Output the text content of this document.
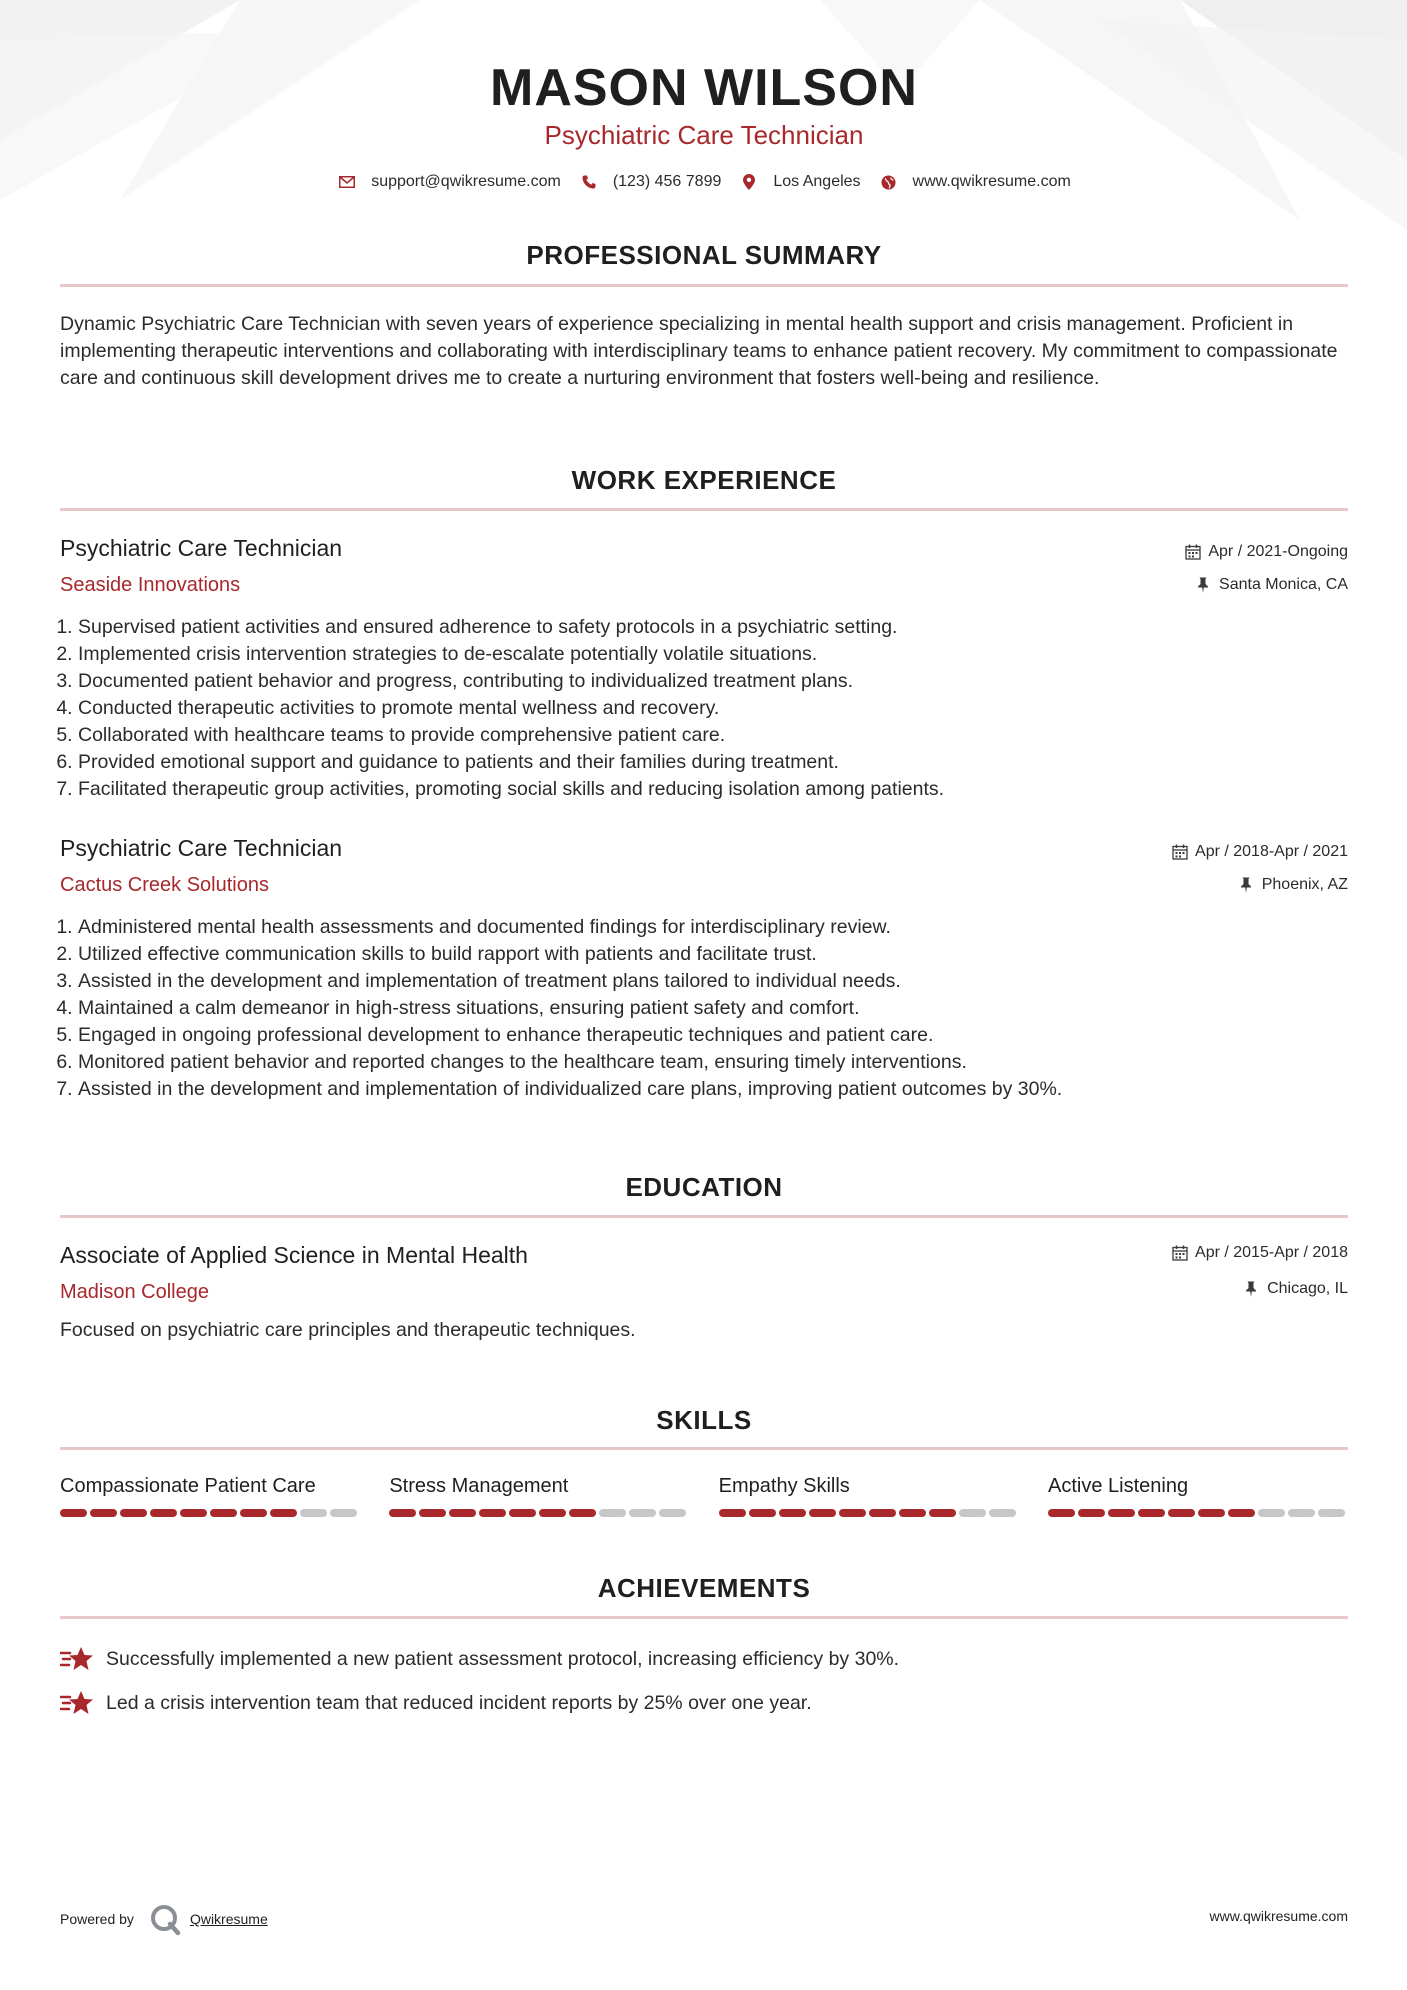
MASON WILSON
Psychiatric Care Technician
support@qwikresume.com	(123) 456 7899	Los Angeles	www.qwikresume.com
PROFESSIONAL SUMMARY
Dynamic Psychiatric Care Technician with seven years of experience specializing in mental health support and crisis management. Proficient in implementing therapeutic interventions and collaborating with interdisciplinary teams to enhance patient recovery. My commitment to compassionate care and continuous skill development drives me to create a nurturing environment that fosters well-being and resilience.
WORK EXPERIENCE
Psychiatric Care Technician
Seaside Innovations
Apr / 2021-Ongoing
Santa Monica, CA
1. Supervised patient activities and ensured adherence to safety protocols in a psychiatric setting.
2. Implemented crisis intervention strategies to de-escalate potentially volatile situations.
3. Documented patient behavior and progress, contributing to individualized treatment plans.
4. Conducted therapeutic activities to promote mental wellness and recovery.
5. Collaborated with healthcare teams to provide comprehensive patient care.
6. Provided emotional support and guidance to patients and their families during treatment.
7. Facilitated therapeutic group activities, promoting social skills and reducing isolation among patients.
Psychiatric Care Technician
Cactus Creek Solutions
Apr / 2018-Apr / 2021
Phoenix, AZ
1. Administered mental health assessments and documented findings for interdisciplinary review.
2. Utilized effective communication skills to build rapport with patients and facilitate trust.
3. Assisted in the development and implementation of treatment plans tailored to individual needs.
4. Maintained a calm demeanor in high-stress situations, ensuring patient safety and comfort.
5. Engaged in ongoing professional development to enhance therapeutic techniques and patient care.
6. Monitored patient behavior and reported changes to the healthcare team, ensuring timely interventions.
7. Assisted in the development and implementation of individualized care plans, improving patient outcomes by 30%.
EDUCATION
Associate of Applied Science in Mental Health
Madison College
Apr / 2015-Apr / 2018
Chicago, IL
Focused on psychiatric care principles and therapeutic techniques.
SKILLS
Compassionate Patient Care	Stress Management	Empathy Skills	Active Listening
ACHIEVEMENTS
Successfully implemented a new patient assessment protocol, increasing efficiency by 30%.
Led a crisis intervention team that reduced incident reports by 25% over one year.
Powered by	Qwikresume	www.qwikresume.com
